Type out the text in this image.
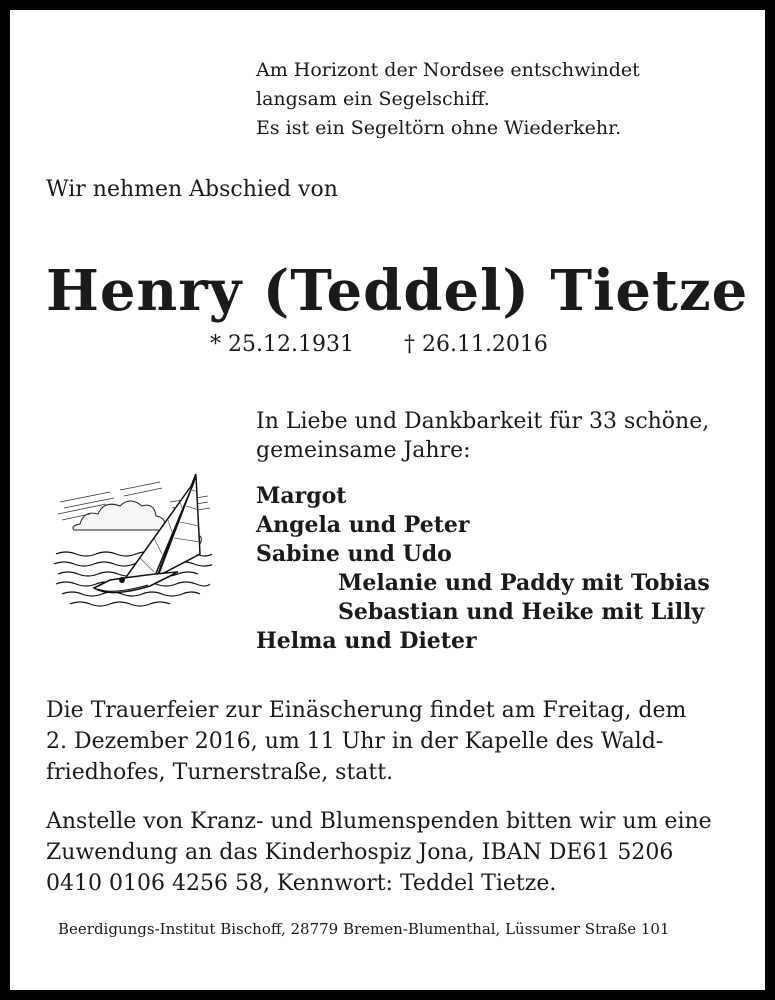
Am Horizont der Nordsee entschwindet
langsam ein Segelschiff.
Es ist ein Segeltörn ohne Wiederkehr.
Wir nehmen Abschied von
Henry (Teddel) Tietze
* 25.12.1931 † 26.11.2016
In Liebe und Dankbarkeit für 33 schöne,
gemeinsame Jahre:
Margot
Angela und Peter
Sabine und Udo
Melanie und Paddy mit Tobias
Sebastian und Heike mit Lilly
Helma und Dieter
Die Trauerfeier zur Einäscherung findet am Freitag, dem
2. Dezember 2016, um 11 Uhr in der Kapelle des Wald-
friedhofes, Turnerstraße, statt.
Anstelle von Kranz- und Blumenspenden bitten wir um eine
Zuwendung an das Kinderhospiz Jona, IBAN DE61 5206
0410 0106 4256 58, Kennwort: Teddel Tietze.
Beerdigungs-Institut Bischoff, 28779 Bremen-Blumenthal, Lüssumer Straße 101
